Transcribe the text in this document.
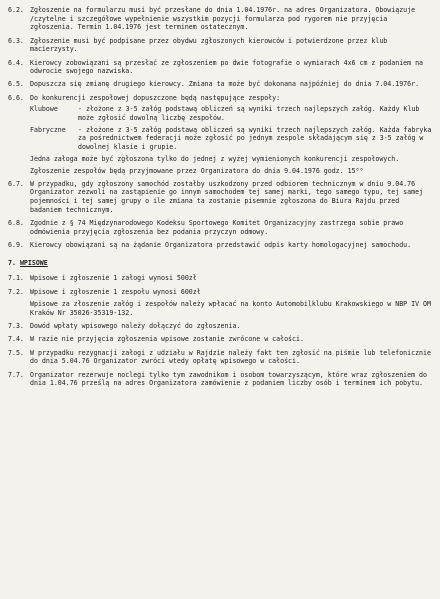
6.2. Zgłoszenie na formularzu musi być przesłane do dnia 1.04.1976r. na adres Organizatora. Obowiązuje /czytelne i szczegółowe wypełnienie wszystkim pozycji formularza pod rygorem nie przyjęcia zgłoszenia. Termin 1.04.1976 jest terminem ostatecznym.
6.3. Zgłoszenie musi być podpisane przez obydwu zgłoszonych kierowców i potwierdzone przez klub macierzysty.
6.4. Kierowcy zobowiązani są przesłać ze zgłoszeniem po dwie fotografie o wymiarach 4x6 cm z podaniem na odwrocie swojego nazwiska.
6.5. Dopuszcza się zmianę drugiego kierowcy. Zmiana ta może być dokonana najpóźniej do dnia 7.04.1976r.
6.6. Do konkurencji zespołowej dopuszczone będą następujące zespoły:

Klubowe	- złożone z 3-5 załóg podstawą obliczeń są wyniki trzech najlepszych załóg. Każdy Klub może zgłosić dowolną liczbę zespołów.
Fabryczne	- złożone z 3-5 załóg podstawą obliczeń są wyniki trzech najlepszych załóg. Każda fabryka za pośrednictwem federacji może zgłosić po jednym zespole składającym się z 3-5 załóg w dowolnej klasie i grupie.

Jedna załoga może być zgłoszona tylko do jednej z wyżej wymienionych konkurencji zespołowych.

Zgłoszenie zespołów będą przyjmowane przez Organizatora do dnia 9.04.1976 godz. 15⁰⁰

6.7. W przypadku, gdy zgłoszony samochód zostałby uszkodzony przed odbiorem technicznym w dniu 9.04.76 Organizator zezwoli na zastąpienie go innym samochodem tej samej marki, tego samego typu, tej samej pojemności i tej samej grupy o ile zmiana ta zostanie pisemnie zgłoszona do Biura Rajdu przed badaniem technicznym.
6.8. Zgodnie z § 74 Międzynarodowego Kodeksu Sportowego Komitet Organizacyjny zastrzega sobie prawo odmówienia przyjęcia zgłoszenia bez podania przyczyn odmowy.
6.9. Kierowcy obowiązani są na żądanie Organizatora przedstawić odpis karty homologacyjnej samochodu.
7. WPISOWE
7.1. Wpisowe i zgłoszenie 1 załogi wynosi 500zł
7.2. Wpisowe i zgłoszenie 1 zespołu wynosi 600zł

Wpisowe za złoszenie załóg i zespołów należy wpłacać na konto Automobilklubu Krakowskiego w NBP IV OM Kraków Nr 35026-35319-132.

7.3. Dowód wpłaty wpisowego należy dołączyć do zgłoszenia.
7.4. W razie nie przyjęcia zgłoszenia wpisowe zostanie zwrócone w całości.
7.5. W przypadku rezygnacji załogi z udziału w Rajdzie należy fakt ten zgłosić na piśmie lub telefonicznie do dnia 5.04.76 Organizator zwróci wtedy opłatę wpisowego w całości.
7.7. Organizator rezerwuje noclegi tylko tym zawodnikom i osobom towarzyszącym, które wraz zgłoszeniem do dnia 1.04.76 prześlą na adres Organizatora zamówienie z podaniem liczby osób i terminem ich pobytu.
